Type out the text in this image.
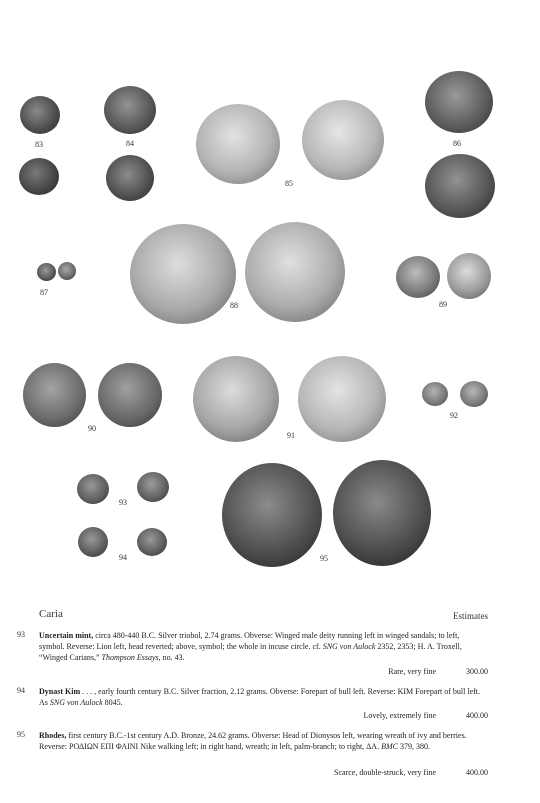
83	84
85
86
87
88	89
90
91
92
93
94	95
Caria	Estimates
93 Uncertain mint, circa 480-440 B.C. Silver triobol, 2.74 grams. Obverse: Winged male deity running left in winged sandals; to left, symbol. Reverse: Lion left, head reverted; above, symbol; the whole in incuse circle. cf. SNG von Aulock 2352, 2353; H. A. Troxell, “Winged Carians,” Thompson Essays, no. 43.
Rare, very fine	300.00
94 Dynast Kim . . . , early fourth century B.C. Silver fraction, 2.12 grams. Obverse: Forepart of bull left. Reverse: KIM Forepart of bull left. As SNG von Aulock 8045.
Lovely, extremely fine	400.00
95 Rhodes, first century B.C.-1st century A.D. Bronze, 24.62 grams. Obverse: Head of Dionysos left, wearing wreath of ivy and berries. Reverse: ΡΟΔΙΩΝ ΕΠΙ ΦΑΙΝΙ Nike walking left; in right hand, wreath; in left, palm-branch; to right, ΔΑ. BMC 379, 380.
Scarce, double-struck, very fine	400.00
